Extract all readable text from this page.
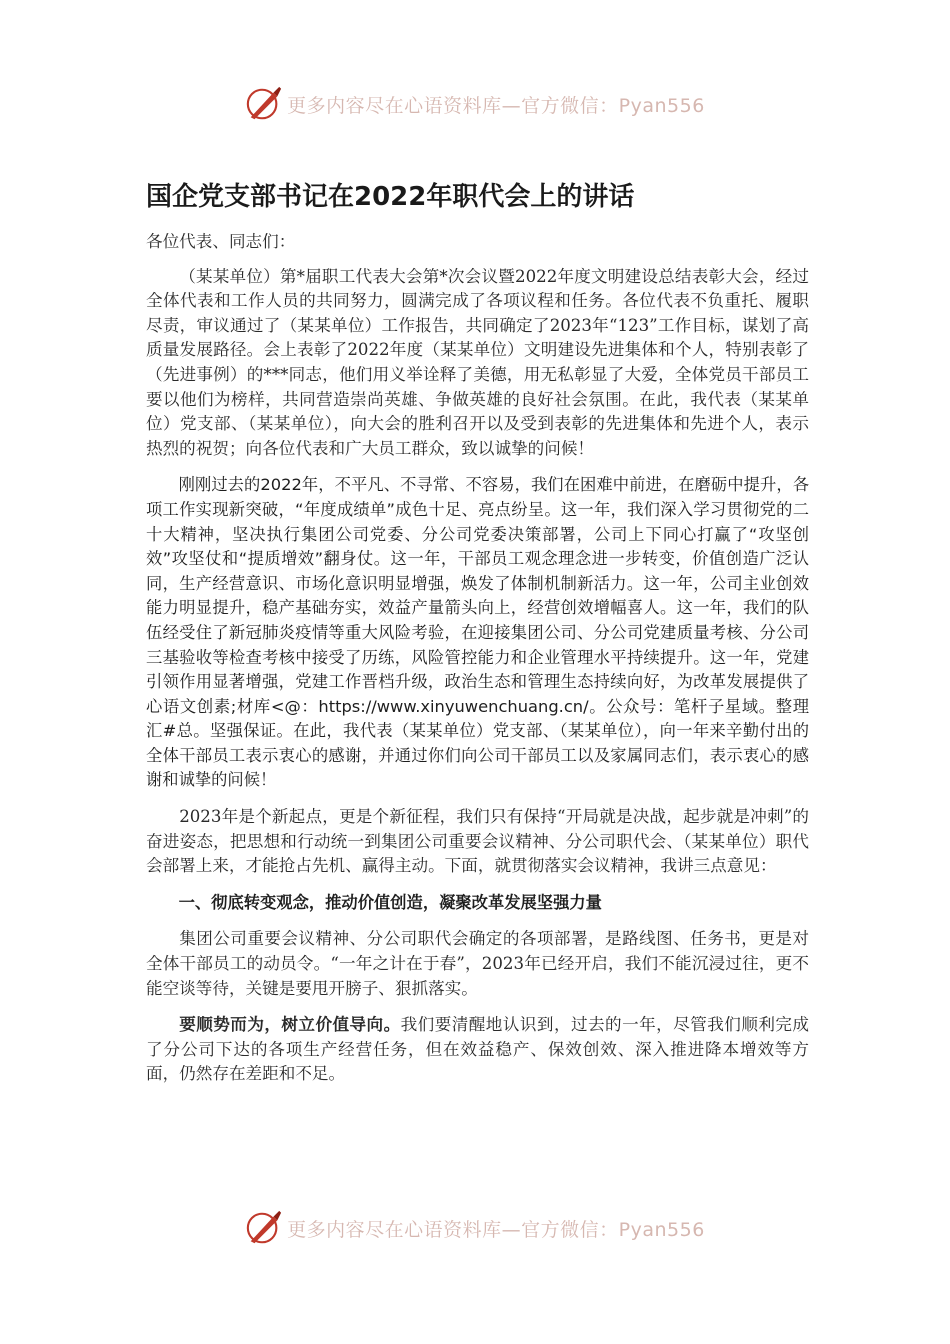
更多内容尽在心语资料库—官方微信：Pyan556
国企党支部书记在2022年职代会上的讲话

各位代表、同志们：

（某某单位）第*届职工代表大会第*次会议暨2022年度文明建设总结表彰大会，经过全体代表和工作人员的共同努力，圆满完成了各项议程和任务。各位代表不负重托、履职尽责，审议通过了（某某单位）工作报告，共同确定了2023年“123”工作目标，谋划了高质量发展路径。会上表彰了2022年度（某某单位）文明建设先进集体和个人，特别表彰了（先进事例）的***同志，他们用义举诠释了美德，用无私彰显了大爱，全体党员干部员工要以他们为榜样，共同营造崇尚英雄、争做英雄的良好社会氛围。在此，我代表（某某单位）党支部、（某某单位），向大会的胜利召开以及受到表彰的先进集体和先进个人，表示热烈的祝贺；向各位代表和广大员工群众，致以诚挚的问候！

刚刚过去的2022年，不平凡、不寻常、不容易，我们在困难中前进，在磨砺中提升，各项工作实现新突破，“年度成绩单”成色十足、亮点纷呈。这一年，我们深入学习贯彻党的二十大精神，坚决执行集团公司党委、分公司党委决策部署，公司上下同心打赢了“攻坚创效”攻坚仗和“提质增效”翻身仗。这一年，干部员工观念理念进一步转变，价值创造广泛认同，生产经营意识、市场化意识明显增强，焕发了体制机制新活力。这一年，公司主业创效能力明显提升，稳产基础夯实，效益产量箭头向上，经营创效增幅喜人。这一年，我们的队伍经受住了新冠肺炎疫情等重大风险考验，在迎接集团公司、分公司党建质量考核、分公司三基验收等检查考核中接受了历练，风险管控能力和企业管理水平持续提升。这一年，党建引领作用显著增强，党建工作晋档升级，政治生态和管理生态持续向好，为改革发展提供了心语文创素;材库<@：https://www.xinyuwenchuang.cn/。公众号：笔杆子星域。整理汇#总。坚强保证。在此，我代表（某某单位）党支部、（某某单位），向一年来辛勤付出的全体干部员工表示衷心的感谢，并通过你们向公司干部员工以及家属同志们，表示衷心的感谢和诚挚的问候！

2023年是个新起点，更是个新征程，我们只有保持“开局就是决战，起步就是冲刺”的奋进姿态，把思想和行动统一到集团公司重要会议精神、分公司职代会、（某某单位）职代会部署上来，才能抢占先机、赢得主动。下面，就贯彻落实会议精神，我讲三点意见：

一、彻底转变观念，推动价值创造，凝聚改革发展坚强力量

集团公司重要会议精神、分公司职代会确定的各项部署，是路线图、任务书，更是对全体干部员工的动员令。“一年之计在于春”，2023年已经开启，我们不能沉浸过往，更不能空谈等待，关键是要甩开膀子、狠抓落实。

要顺势而为，树立价值导向。我们要清醒地认识到，过去的一年，尽管我们顺利完成了分公司下达的各项生产经营任务，但在效益稳产、保效创效、深入推进降本增效等方面，仍然存在差距和不足。

更多内容尽在心语资料库—官方微信：Pyan556
